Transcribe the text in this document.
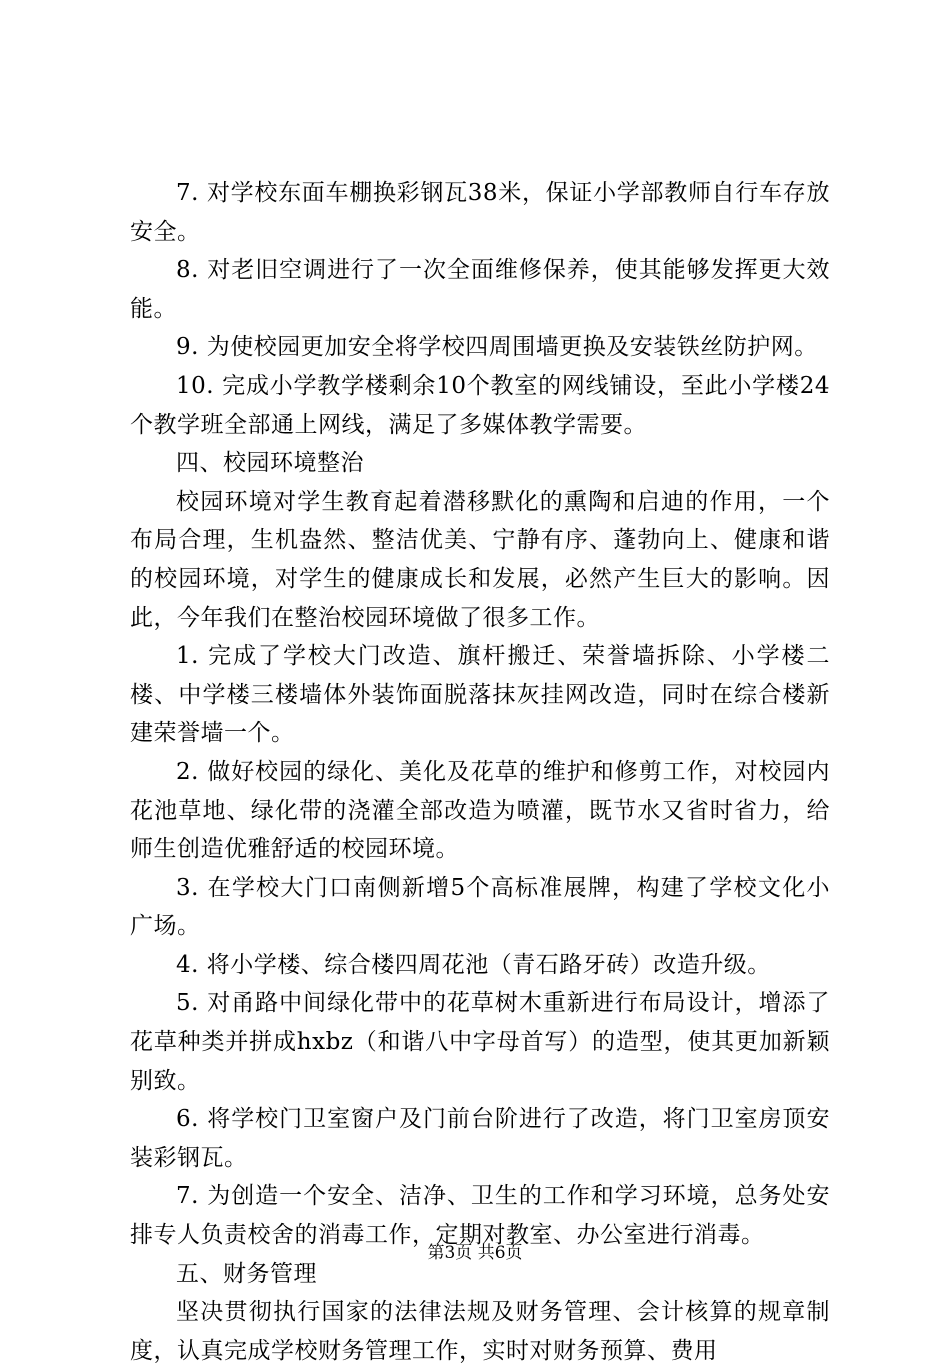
7. 对学校东面车棚换彩钢瓦38米，保证小学部教师自行车存放安全。

8. 对老旧空调进行了一次全面维修保养，使其能够发挥更大效能。

9. 为使校园更加安全将学校四周围墙更换及安装铁丝防护网。

10. 完成小学教学楼剩余10个教室的网线铺设，至此小学楼24个教学班全部通上网线，满足了多媒体教学需要。

四、校园环境整治

校园环境对学生教育起着潜移默化的熏陶和启迪的作用，一个布局合理，生机盎然、整洁优美、宁静有序、蓬勃向上、健康和谐的校园环境，对学生的健康成长和发展，必然产生巨大的影响。因此，今年我们在整治校园环境做了很多工作。

1. 完成了学校大门改造、旗杆搬迁、荣誉墙拆除、小学楼二楼、中学楼三楼墙体外装饰面脱落抹灰挂网改造，同时在综合楼新建荣誉墙一个。

2. 做好校园的绿化、美化及花草的维护和修剪工作，对校园内花池草地、绿化带的浇灌全部改造为喷灌，既节水又省时省力，给师生创造优雅舒适的校园环境。

3. 在学校大门口南侧新增5个高标准展牌，构建了学校文化小广场。

4. 将小学楼、综合楼四周花池（青石路牙砖）改造升级。

5. 对甬路中间绿化带中的花草树木重新进行布局设计，增添了花草种类并拼成hxbz（和谐八中字母首写）的造型，使其更加新颖别致。

6. 将学校门卫室窗户及门前台阶进行了改造，将门卫室房顶安装彩钢瓦。

7. 为创造一个安全、洁净、卫生的工作和学习环境，总务处安排专人负责校舍的消毒工作，定期对教室、办公室进行消毒。

五、财务管理

坚决贯彻执行国家的法律法规及财务管理、会计核算的规章制度，认真完成学校财务管理工作，实时对财务预算、费用

第3页 共6页
